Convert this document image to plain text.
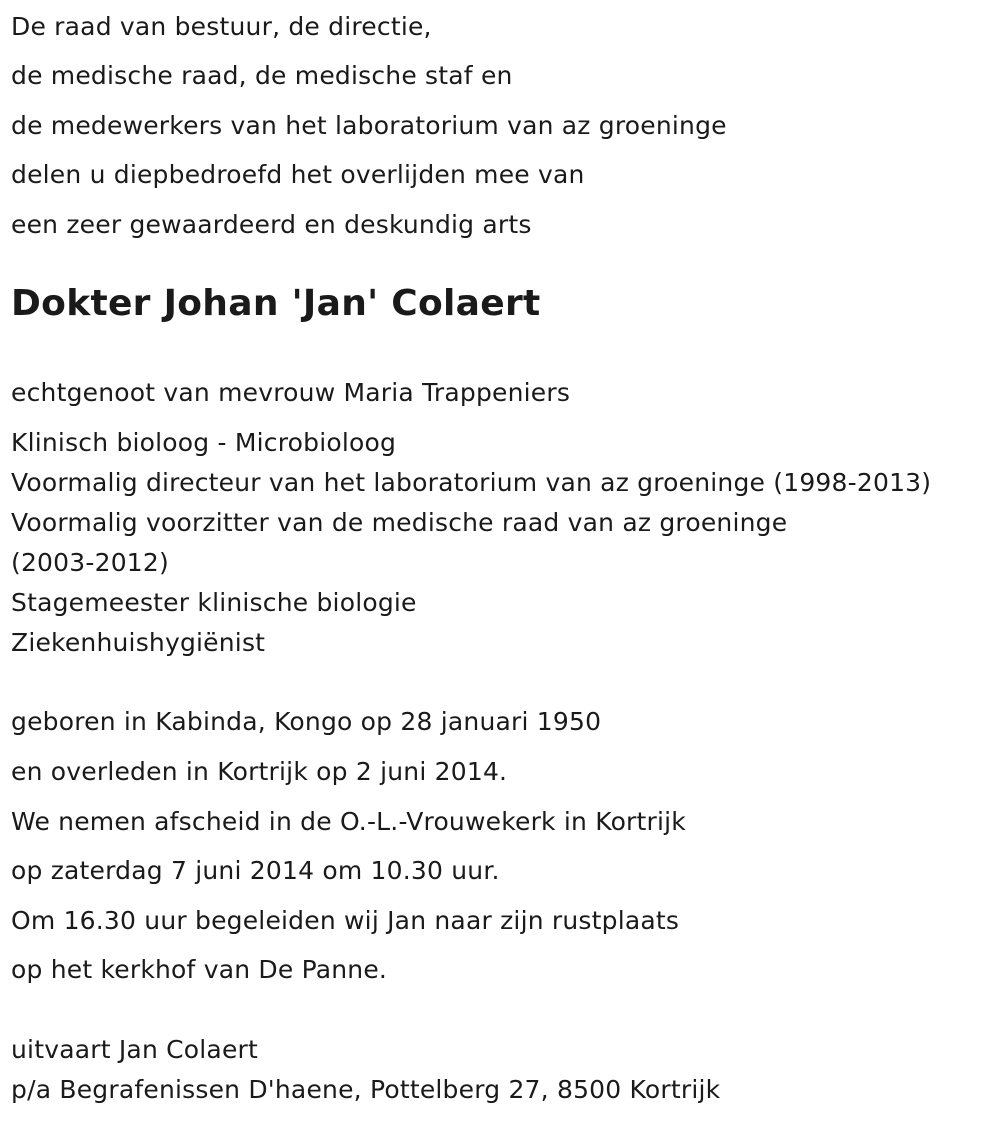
De raad van bestuur, de directie,
de medische raad, de medische staf en
de medewerkers van het laboratorium van az groeninge
delen u diepbedroefd het overlijden mee van
een zeer gewaardeerd en deskundig arts
Dokter Johan 'Jan' Colaert
echtgenoot van mevrouw Maria Trappeniers
Klinisch bioloog - Microbioloog
Voormalig directeur van het laboratorium van az groeninge (1998-2013)
Voormalig voorzitter van de medische raad van az groeninge
(2003-2012)
Stagemeester klinische biologie
Ziekenhuishygiënist
geboren in Kabinda, Kongo op 28 januari 1950
en overleden in Kortrijk op 2 juni 2014.
We nemen afscheid in de O.-L.-Vrouwekerk in Kortrijk
op zaterdag 7 juni 2014 om 10.30 uur.
Om 16.30 uur begeleiden wij Jan naar zijn rustplaats
op het kerkhof van De Panne.
uitvaart Jan Colaert
p/a Begrafenissen D'haene, Pottelberg 27, 8500 Kortrijk
